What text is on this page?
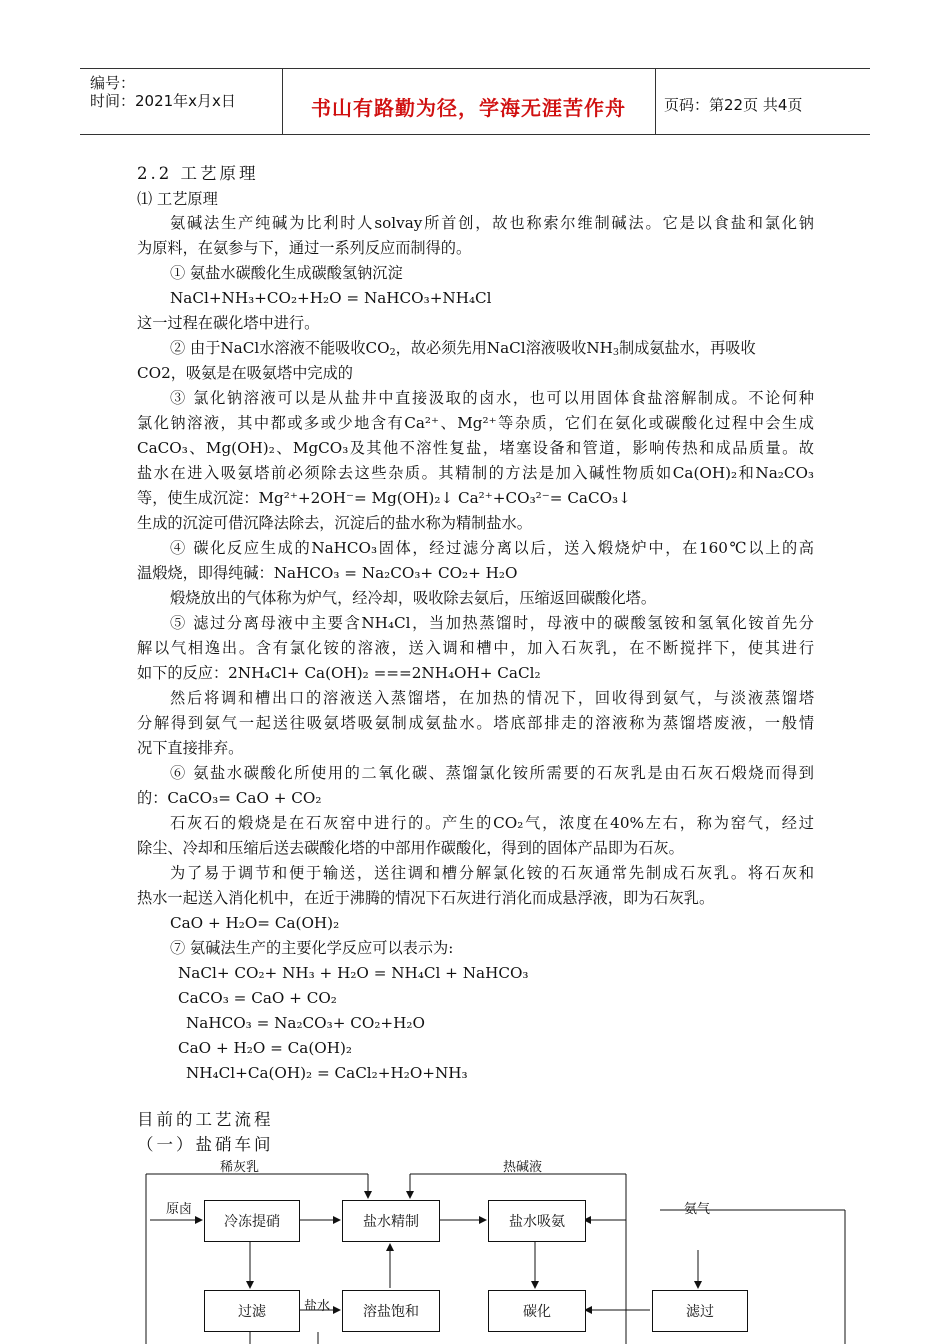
编号：
时间：2021年x月x日	书山有路勤为径，学海无涯苦作舟	页码：第22页 共4页
2.2 工艺原理
⑴ 工艺原理
氨碱法生产纯碱为比利时人solvay所首创，故也称索尔维制碱法。它是以食盐和氯化钠
为原料，在氨参与下，通过一系列反应而制得的。
① 氨盐水碳酸化生成碳酸氢钠沉淀
NaCl+NH₃+CO₂+H₂O = NaHCO₃+NH₄Cl
这一过程在碳化塔中进行。
② 由于NaCl水溶液不能吸收$CO_2$，故必须先用NaCl溶液吸收$NH_3$制成氨盐水，再吸收
CO2，吸氨是在吸氨塔中完成的
③ 氯化钠溶液可以是从盐井中直接汲取的卤水，也可以用固体食盐溶解制成。不论何种
氯化钠溶液，其中都或多或少地含有Ca²⁺、Mg²⁺等杂质，它们在氨化或碳酸化过程中会生成
CaCO₃、Mg(OH)₂、MgCO₃及其他不溶性复盐，堵塞设备和管道，影响传热和成品质量。故
盐水在进入吸氨塔前必须除去这些杂质。其精制的方法是加入碱性物质如Ca(OH)₂和Na₂CO₃
等，使生成沉淀：Mg²⁺+2OH⁻= Mg(OH)₂↓ Ca²⁺+CO₃²⁻= CaCO₃↓
生成的沉淀可借沉降法除去，沉淀后的盐水称为精制盐水。
④ 碳化反应生成的NaHCO₃固体，经过滤分离以后，送入煅烧炉中，在160℃以上的高
温煅烧，即得纯碱：NaHCO₃ = Na₂CO₃+ CO₂+ H₂O
煅烧放出的气体称为炉气，经冷却，吸收除去氨后，压缩返回碳酸化塔。
⑤ 滤过分离母液中主要含NH₄Cl，当加热蒸馏时，母液中的碳酸氢铵和氢氧化铵首先分
解以气相逸出。含有氯化铵的溶液，送入调和槽中，加入石灰乳，在不断搅拌下，使其进行
如下的反应：2NH₄Cl+ Ca(OH)₂ ===2NH₄OH+ CaCl₂
然后将调和槽出口的溶液送入蒸馏塔，在加热的情况下，回收得到氨气，与淡液蒸馏塔
分解得到氨气一起送往吸氨塔吸氨制成氨盐水。塔底部排走的溶液称为蒸馏塔废液，一般情
况下直接排弃。
⑥ 氨盐水碳酸化所使用的二氧化碳、蒸馏氯化铵所需要的石灰乳是由石灰石煅烧而得到
的：CaCO₃= CaO + CO₂
石灰石的煅烧是在石灰窑中进行的。产生的CO₂气，浓度在40%左右，称为窑气，经过
除尘、冷却和压缩后送去碳酸化塔的中部用作碳酸化，得到的固体产品即为石灰。
为了易于调节和便于输送，送往调和槽分解氯化铵的石灰通常先制成石灰乳。将石灰和
热水一起送入消化机中，在近于沸腾的情况下石灰进行消化而成悬浮液，即为石灰乳。
CaO + H₂O= Ca(OH)₂
⑦ 氨碱法生产的主要化学反应可以表示为:
NaCl+ CO₂+ NH₃ + H₂O = NH₄Cl + NaHCO₃
CaCO₃ = CaO + CO₂
NaHCO₃ = Na₂CO₃+ CO₂+H₂O
CaO + H₂O = Ca(OH)₂
NH₄Cl+Ca(OH)₂ = CaCl₂+H₂O+NH₃
目前的工艺流程
（一）盐硝车间
稀灰乳	热碱液
原卤	氨气
盐水
冷冻提硝	盐水精制	盐水吸氨
过滤	溶盐饱和	碳化	滤过
